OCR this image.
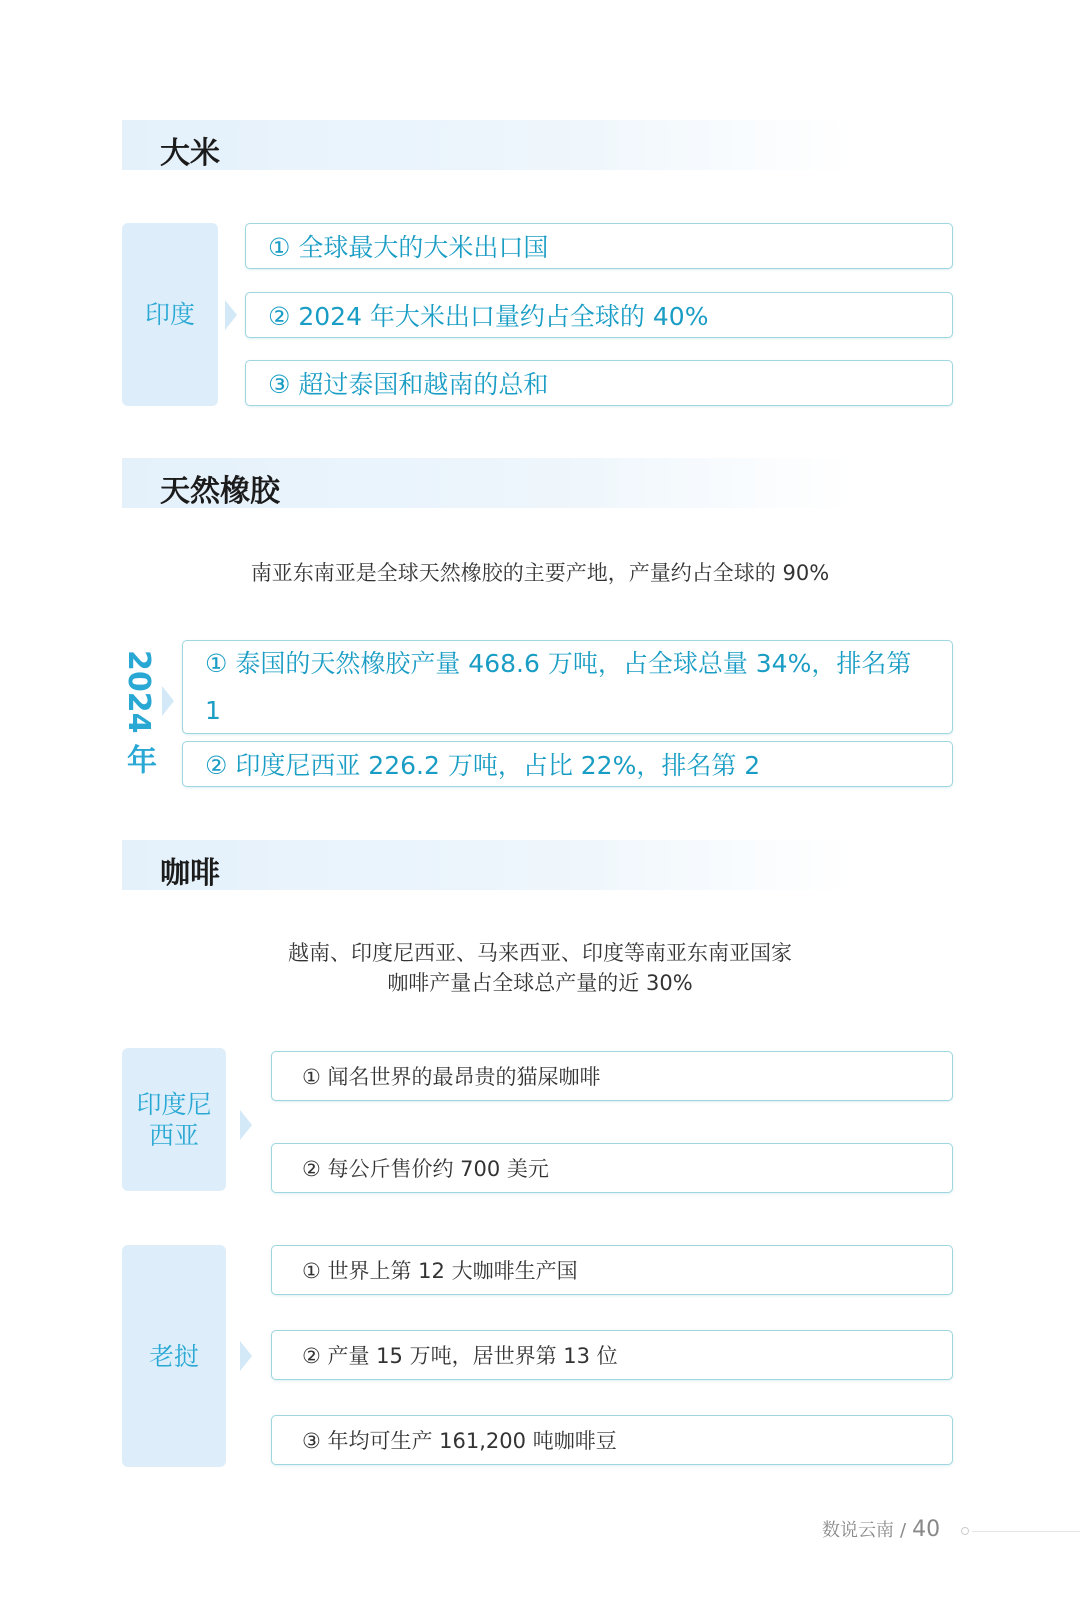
大米
印度
① 全球最大的大米出口国
② 2024 年大米出口量约占全球的 40%
③ 超过泰国和越南的总和
天然橡胶
南亚东南亚是全球天然橡胶的主要产地，产量约占全球的 90%
2024 年	① 泰国的天然橡胶产量 468.6 万吨，占全球总量 34%，排名第 1
② 印度尼西亚 226.2 万吨，占比 22%，排名第 2
咖啡
越南、印度尼西亚、马来西亚、印度等南亚东南亚国家
咖啡产量占全球总产量的近 30%
印度尼西亚
① 闻名世界的最昂贵的猫屎咖啡
② 每公斤售价约 700 美元
老挝
① 世界上第 12 大咖啡生产国
② 产量 15 万吨，居世界第 13 位
③ 年均可生产 161,200 吨咖啡豆
数说云南 / 40
